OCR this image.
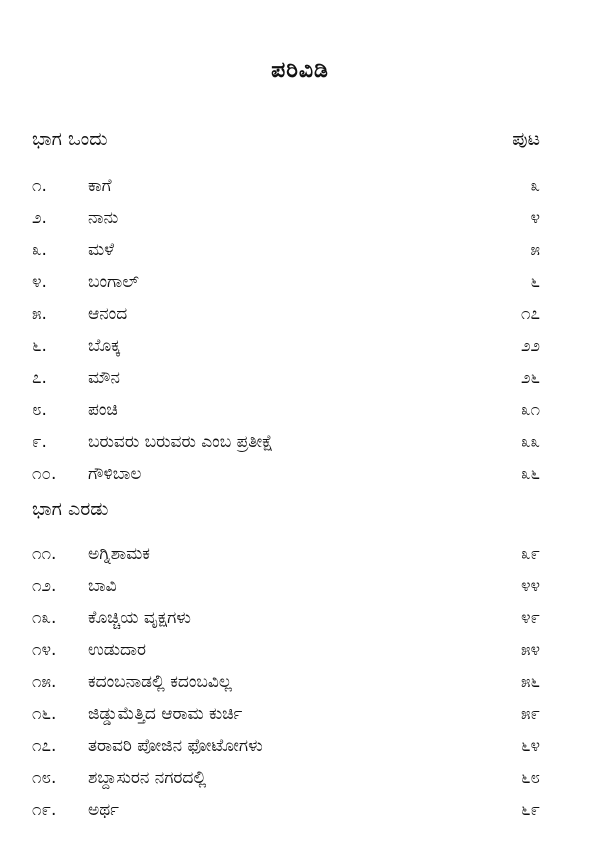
ಪರಿವಿಡಿ
ಭಾಗ ಒಂದು	ಪುಟ
೧.	ಕಾಗೆ	೩
೨.	ನಾನು	೪
೩.	ಮಳೆ	೫
೪.	ಬಂಗಾಲ್	೬
೫.	ಆನಂದ	೧೭
೬.	ಬೊಕ್ಕ	೨೨
೭.	ಮೌನ	೨೬
೮.	ಪಂಚಿ	೩೧
೯.	ಬರುವರು ಬರುವರು ಎಂಬ ಪ್ರತೀಕ್ಷೆ	೩೩
೧೦.	ಗೌಳಿಬಾಲ	೩೬
ಭಾಗ ಎರಡು
೧೧.	ಅಗ್ನಿಶಾಮಕ	೩೯
೧೨.	ಬಾವಿ	೪೪
೧೩.	ಕೊಚ್ಚಿಯ ವೃಕ್ಷಗಳು	೪೯
೧೪.	ಉಡುದಾರ	೫೪
೧೫.	ಕದಂಬನಾಡಲ್ಲಿ ಕದಂಬವಿಲ್ಲ	೫೬
೧೬.	ಜಿಡ್ಡುಮೆತ್ತಿದ ಆರಾಮ ಕುರ್ಚಿ	೫೯
೧೭.	ತರಾವರಿ ಪೋಜಿನ ಫೋಟೋಗಳು	೬೪
೧೮.	ಶಬ್ದಾಸುರನ ನಗರದಲ್ಲಿ	೬೮
೧೯.	ಅರ್ಥ	೬೯
